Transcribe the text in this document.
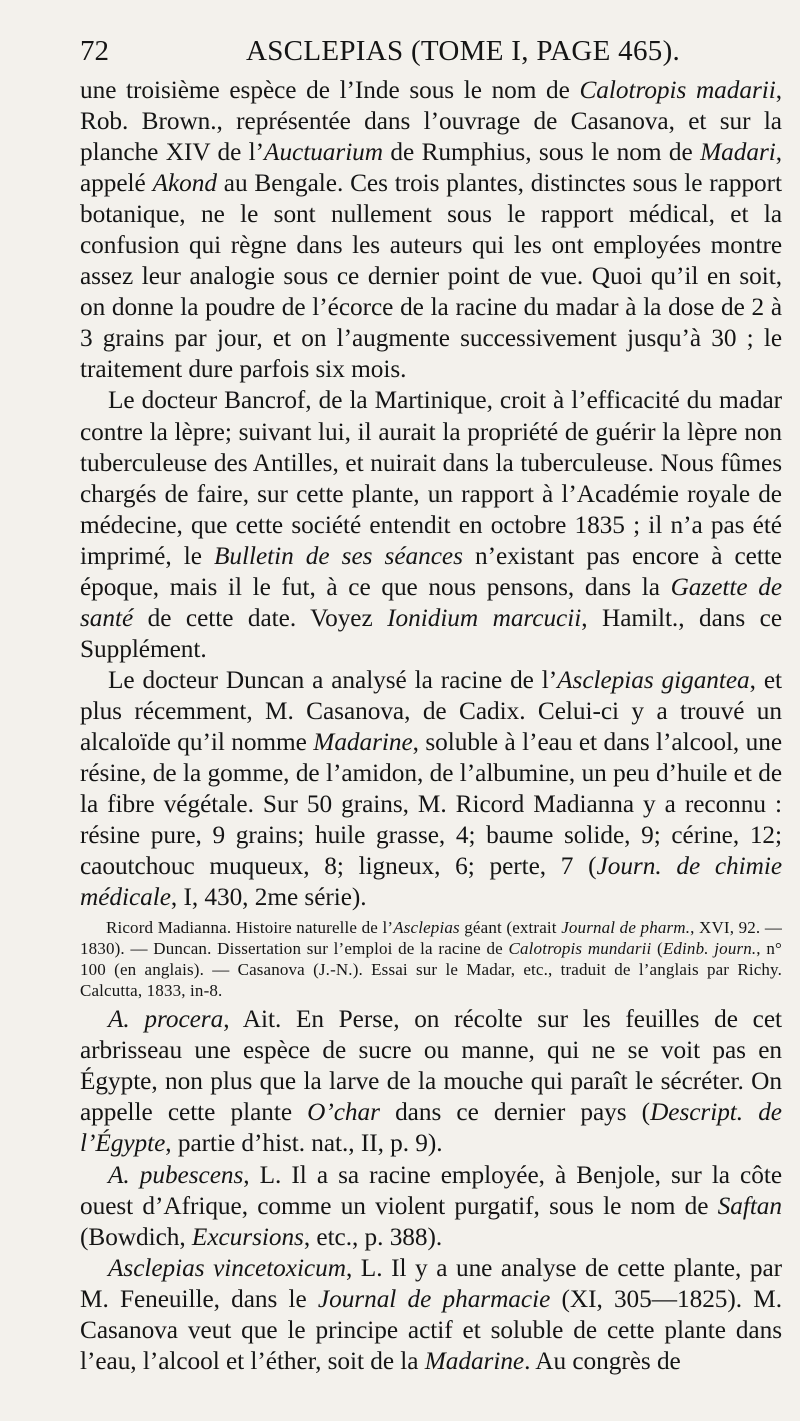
72	ASCLEPIAS (TOME I, PAGE 465).

une troisième espèce de l’Inde sous le nom de Calotropis madarii, Rob. Brown., représentée dans l’ouvrage de Casanova, et sur la planche XIV de l’Auctuarium de Rumphius, sous le nom de Madari, appelé Akond au Bengale. Ces trois plantes, distinctes sous le rapport botanique, ne le sont nullement sous le rapport médical, et la confusion qui règne dans les auteurs qui les ont employées montre assez leur analogie sous ce dernier point de vue. Quoi qu’il en soit, on donne la poudre de l’écorce de la racine du madar à la dose de 2 à 3 grains par jour, et on l’augmente successivement jusqu’à 30 ; le traitement dure parfois six mois.

Le docteur Bancrof, de la Martinique, croit à l’efficacité du madar contre la lèpre; suivant lui, il aurait la propriété de guérir la lèpre non tuberculeuse des Antilles, et nuirait dans la tuberculeuse. Nous fûmes chargés de faire, sur cette plante, un rapport à l’Académie royale de médecine, que cette société entendit en octobre 1835 ; il n’a pas été imprimé, le Bulletin de ses séances n’existant pas encore à cette époque, mais il le fut, à ce que nous pensons, dans la Gazette de santé de cette date. Voyez Ionidium marcucii, Hamilt., dans ce Supplément.

Le docteur Duncan a analysé la racine de l’Asclepias gigantea, et plus récemment, M. Casanova, de Cadix. Celui-ci y a trouvé un alcaloïde qu’il nomme Madarine, soluble à l’eau et dans l’alcool, une résine, de la gomme, de l’amidon, de l’albumine, un peu d’huile et de la fibre végétale. Sur 50 grains, M. Ricord Madianna y a reconnu : résine pure, 9 grains; huile grasse, 4; baume solide, 9; cérine, 12; caoutchouc muqueux, 8; ligneux, 6; perte, 7 (Journ. de chimie médicale, I, 430, 2me série).

Ricord Madianna. Histoire naturelle de l’Asclepias géant (extrait Journal de pharm., XVI, 92. — 1830). — Duncan. Dissertation sur l’emploi de la racine de Calotropis mundarii (Edinb. journ., n° 100 (en anglais). — Casanova (J.-N.). Essai sur le Madar, etc., traduit de l’anglais par Richy. Calcutta, 1833, in-8.

A. procera, Ait. En Perse, on récolte sur les feuilles de cet arbrisseau une espèce de sucre ou manne, qui ne se voit pas en Égypte, non plus que la larve de la mouche qui paraît le sécréter. On appelle cette plante O’char dans ce dernier pays (Descript. de l’Égypte, partie d’hist. nat., II, p. 9).

A. pubescens, L. Il a sa racine employée, à Benjole, sur la côte ouest d’Afrique, comme un violent purgatif, sous le nom de Saftan (Bowdich, Excursions, etc., p. 388).

Asclepias vincetoxicum, L. Il y a une analyse de cette plante, par M. Feneuille, dans le Journal de pharmacie (XI, 305—1825). M. Casanova veut que le principe actif et soluble de cette plante dans l’eau, l’alcool et l’éther, soit de la Madarine. Au congrès de
